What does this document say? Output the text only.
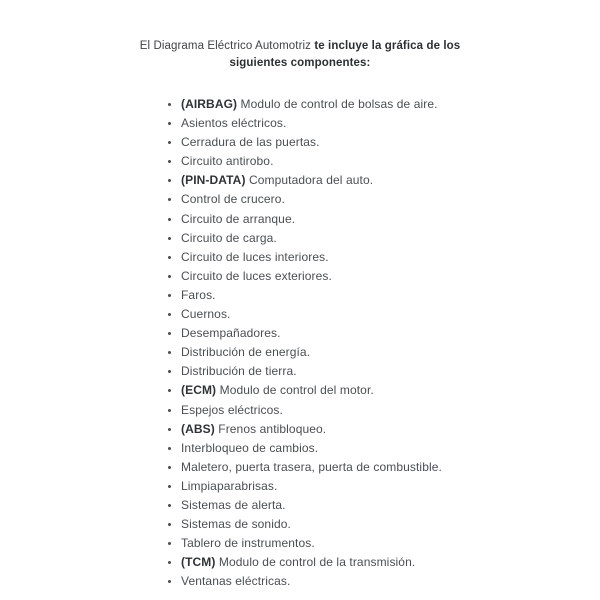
El Diagrama Eléctrico Automotriz te incluye la gráfica de los siguientes componentes:
(AIRBAG) Modulo de control de bolsas de aire.
Asientos eléctricos.
Cerradura de las puertas.
Circuito antirobo.
(PIN-DATA) Computadora del auto.
Control de crucero.
Circuito de arranque.
Circuito de carga.
Circuito de luces interiores.
Circuito de luces exteriores.
Faros.
Cuernos.
Desempañadores.
Distribución de energía.
Distribución de tierra.
(ECM) Modulo de control del motor.
Espejos eléctricos.
(ABS) Frenos antibloqueo.
Interbloqueo de cambios.
Maletero, puerta trasera, puerta de combustible.
Limpiaparabrisas.
Sistemas de alerta.
Sistemas de sonido.
Tablero de instrumentos.
(TCM) Modulo de control de la transmisión.
Ventanas eléctricas.
